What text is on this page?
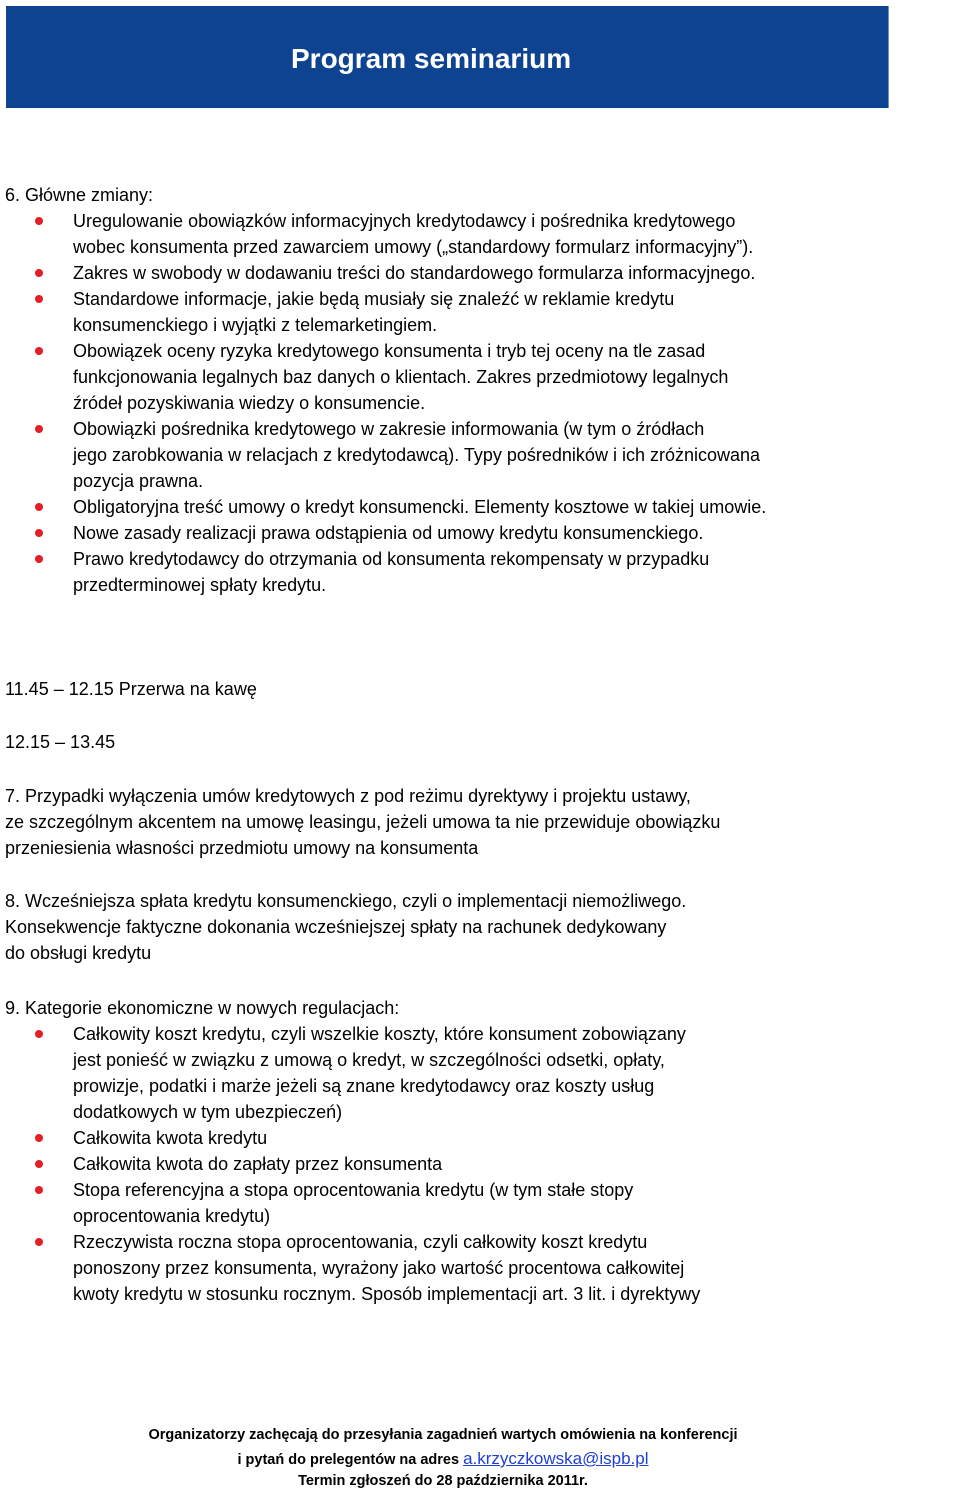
Program seminarium
6. Główne zmiany:
Uregulowanie obowiązków informacyjnych kredytodawcy i pośrednika kredytowego
wobec konsumenta przed zawarciem umowy („standardowy formularz informacyjny”).
Zakres w swobody w dodawaniu treści do standardowego formularza informacyjnego.
Standardowe informacje, jakie będą musiały się znaleźć w reklamie kredytu
konsumenckiego i wyjątki z telemarketingiem.
Obowiązek oceny ryzyka kredytowego konsumenta i tryb tej oceny na tle zasad
funkcjonowania legalnych baz danych o klientach. Zakres przedmiotowy legalnych
źródeł pozyskiwania wiedzy o konsumencie.
Obowiązki pośrednika kredytowego w zakresie informowania (w tym o źródłach
jego zarobkowania w relacjach z kredytodawcą). Typy pośredników i ich zróżnicowana
pozycja prawna.
Obligatoryjna treść umowy o kredyt konsumencki. Elementy kosztowe w takiej umowie.
Nowe zasady realizacji prawa odstąpienia od umowy kredytu konsumenckiego.
Prawo kredytodawcy do otrzymania od konsumenta rekompensaty w przypadku
przedterminowej spłaty kredytu.
11.45 – 12.15 Przerwa na kawę
12.15 – 13.45
7. Przypadki wyłączenia umów kredytowych z pod reżimu dyrektywy i projektu ustawy,
ze szczególnym akcentem na umowę leasingu, jeżeli umowa ta nie przewiduje obowiązku
przeniesienia własności przedmiotu umowy na konsumenta
8. Wcześniejsza spłata kredytu konsumenckiego, czyli o implementacji niemożliwego.
Konsekwencje faktyczne dokonania wcześniejszej spłaty na rachunek dedykowany
do obsługi kredytu
9. Kategorie ekonomiczne w nowych regulacjach:
Całkowity koszt kredytu, czyli wszelkie koszty, które konsument zobowiązany
jest ponieść w związku z umową o kredyt, w szczególności odsetki, opłaty,
prowizje, podatki i marże jeżeli są znane kredytodawcy oraz koszty usług
dodatkowych w tym ubezpieczeń)
Całkowita kwota kredytu
Całkowita kwota do zapłaty przez konsumenta
Stopa referencyjna a stopa oprocentowania kredytu (w tym stałe stopy
oprocentowania kredytu)
Rzeczywista roczna stopa oprocentowania, czyli całkowity koszt kredytu
ponoszony przez konsumenta, wyrażony jako wartość procentowa całkowitej
kwoty kredytu w stosunku rocznym. Sposób implementacji art. 3 lit. i dyrektywy
Organizatorzy zachęcają do przesyłania zagadnień wartych omówienia na konferencji
i pytań do prelegentów na adres a.krzyczkowska@ispb.pl
Termin zgłoszeń do 28 października 2011r.
